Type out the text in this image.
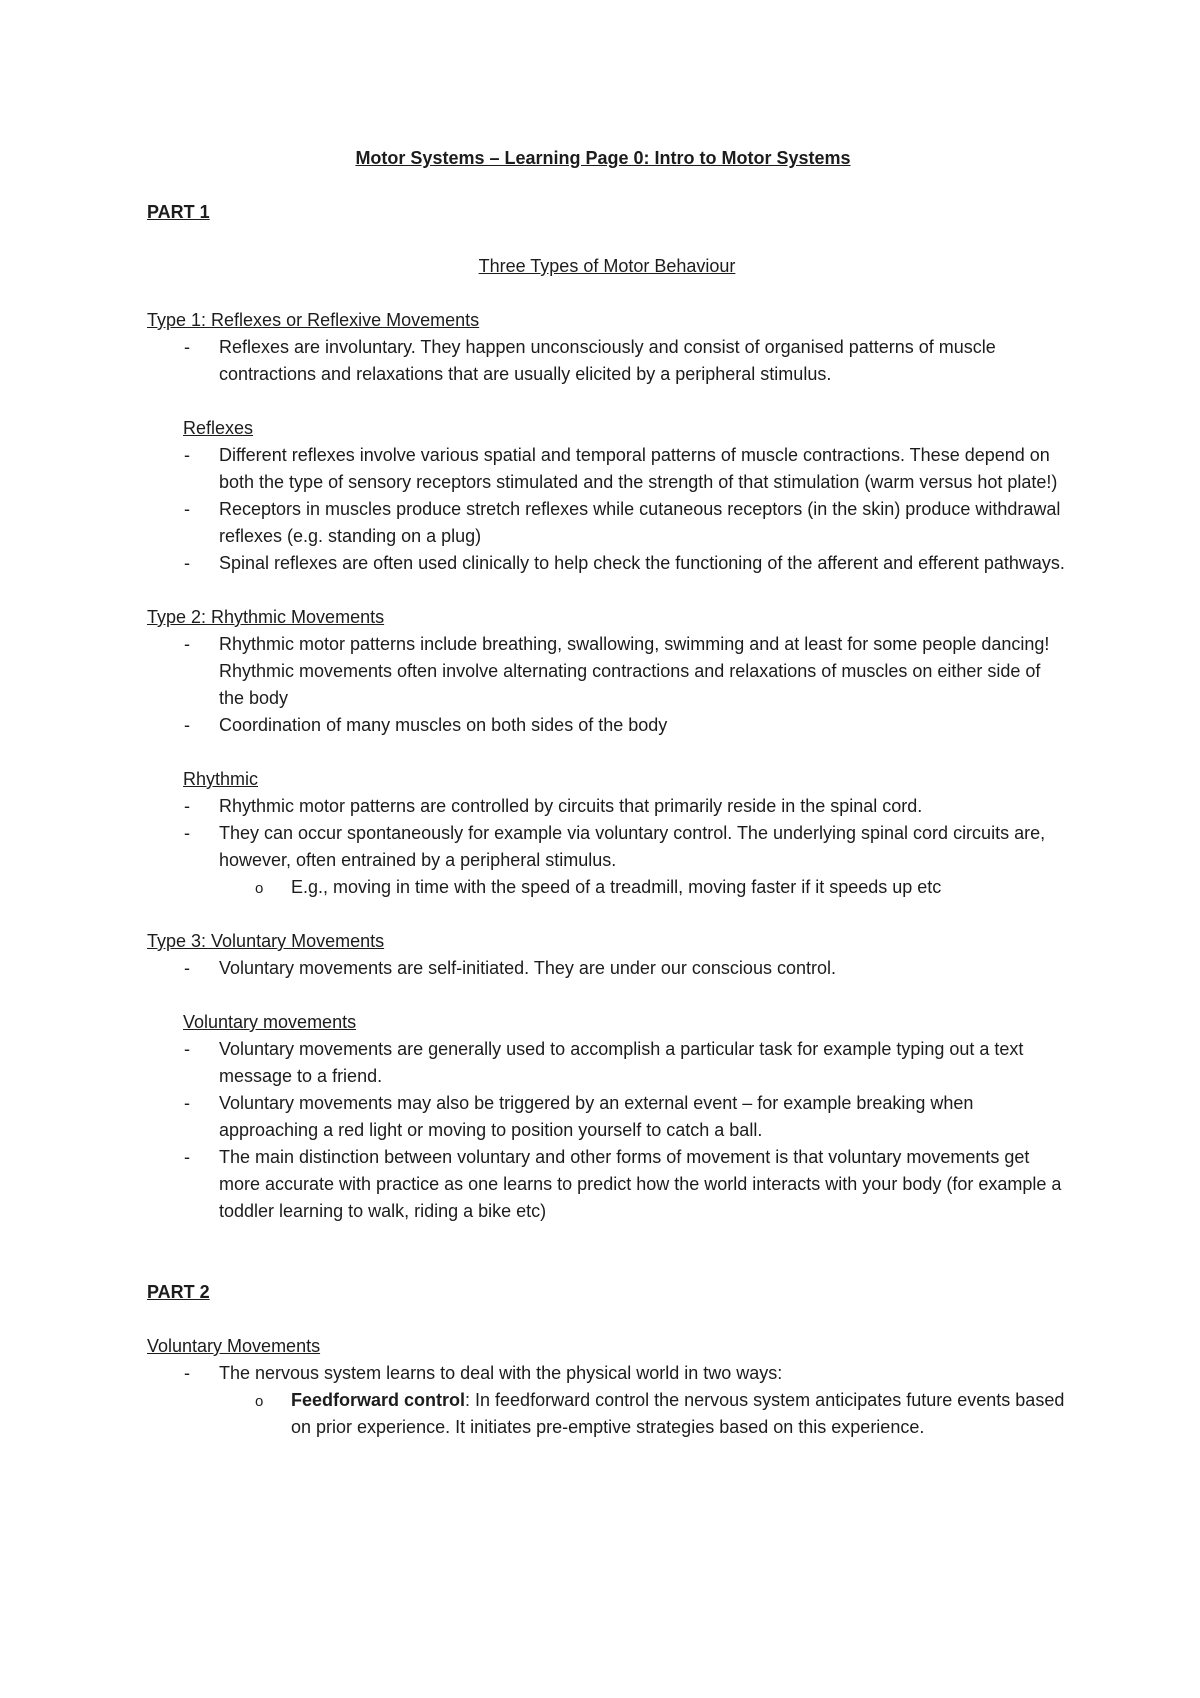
Motor Systems – Learning Page 0: Intro to Motor Systems
PART 1
Three Types of Motor Behaviour
Type 1: Reflexes or Reflexive Movements
- Reflexes are involuntary. They happen unconsciously and consist of organised patterns of muscle contractions and relaxations that are usually elicited by a peripheral stimulus.
Reflexes
- Different reflexes involve various spatial and temporal patterns of muscle contractions. These depend on both the type of sensory receptors stimulated and the strength of that stimulation (warm versus hot plate!)
- Receptors in muscles produce stretch reflexes while cutaneous receptors (in the skin) produce withdrawal reflexes (e.g. standing on a plug)
- Spinal reflexes are often used clinically to help check the functioning of the afferent and efferent pathways.
Type 2: Rhythmic Movements
- Rhythmic motor patterns include breathing, swallowing, swimming and at least for some people dancing! Rhythmic movements often involve alternating contractions and relaxations of muscles on either side of the body
- Coordination of many muscles on both sides of the body
Rhythmic
- Rhythmic motor patterns are controlled by circuits that primarily reside in the spinal cord.
- They can occur spontaneously for example via voluntary control. The underlying spinal cord circuits are, however, often entrained by a peripheral stimulus.
o E.g., moving in time with the speed of a treadmill, moving faster if it speeds up etc
Type 3: Voluntary Movements
- Voluntary movements are self-initiated. They are under our conscious control.
Voluntary movements
- Voluntary movements are generally used to accomplish a particular task for example typing out a text message to a friend.
- Voluntary movements may also be triggered by an external event – for example breaking when approaching a red light or moving to position yourself to catch a ball.
- The main distinction between voluntary and other forms of movement is that voluntary movements get more accurate with practice as one learns to predict how the world interacts with your body (for example a toddler learning to walk, riding a bike etc)
PART 2
Voluntary Movements
- The nervous system learns to deal with the physical world in two ways:
o Feedforward control: In feedforward control the nervous system anticipates future events based on prior experience. It initiates pre-emptive strategies based on this experience.
